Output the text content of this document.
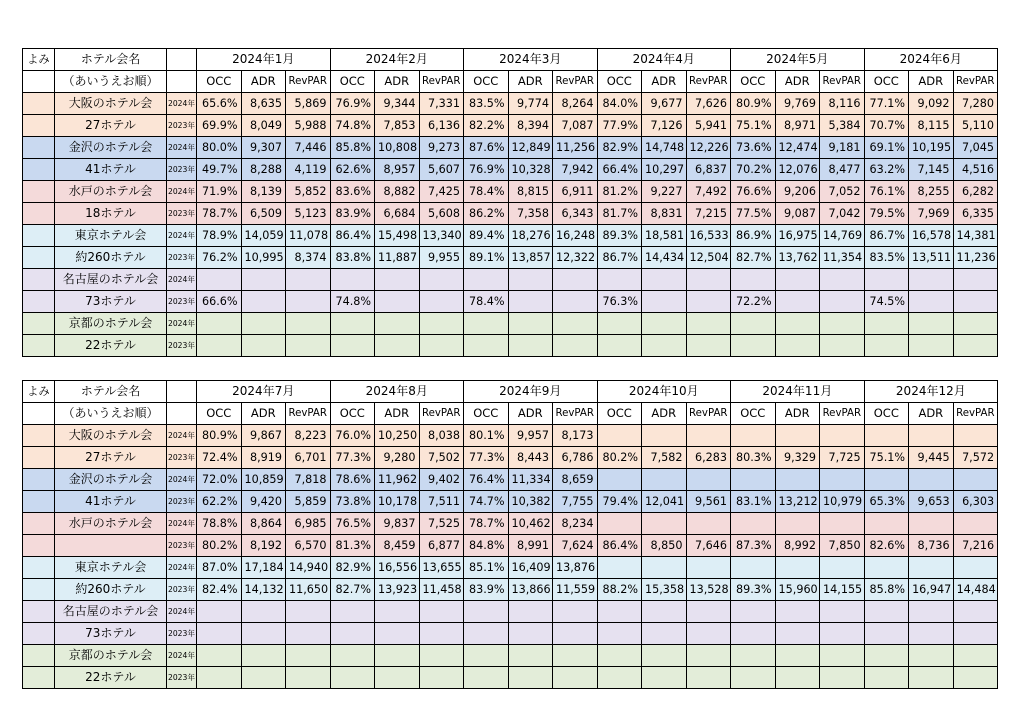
よみ	ホテル会名		2024年1月			2024年2月			2024年3月			2024年4月			2024年5月			2024年6月		
	（あいうえお順）		OCC	ADR	RevPAR	OCC	ADR	RevPAR	OCC	ADR	RevPAR	OCC	ADR	RevPAR	OCC	ADR	RevPAR	OCC	ADR	RevPAR
	大阪のホテル会	2024年	65.6%	8,635	5,869	76.9%	9,344	7,331	83.5%	9,774	8,264	84.0%	9,677	7,626	80.9%	9,769	8,116	77.1%	9,092	7,280
	27ホテル	2023年	69.9%	8,049	5,988	74.8%	7,853	6,136	82.2%	8,394	7,087	77.9%	7,126	5,941	75.1%	8,971	5,384	70.7%	8,115	5,110
	金沢のホテル会	2024年	80.0%	9,307	7,446	85.8%	10,808	9,273	87.6%	12,849	11,256	82.9%	14,748	12,226	73.6%	12,474	9,181	69.1%	10,195	7,045
	41ホテル	2023年	49.7%	8,288	4,119	62.6%	8,957	5,607	76.9%	10,328	7,942	66.4%	10,297	6,837	70.2%	12,076	8,477	63.2%	7,145	4,516
	水戸のホテル会	2024年	71.9%	8,139	5,852	83.6%	8,882	7,425	78.4%	8,815	6,911	81.2%	9,227	7,492	76.6%	9,206	7,052	76.1%	8,255	6,282
	18ホテル	2023年	78.7%	6,509	5,123	83.9%	6,684	5,608	86.2%	7,358	6,343	81.7%	8,831	7,215	77.5%	9,087	7,042	79.5%	7,969	6,335
	東京ホテル会	2024年	78.9%	14,059	11,078	86.4%	15,498	13,340	89.4%	18,276	16,248	89.3%	18,581	16,533	86.9%	16,975	14,769	86.7%	16,578	14,381
	約260ホテル	2023年	76.2%	10,995	8,374	83.8%	11,887	9,955	89.1%	13,857	12,322	86.7%	14,434	12,504	82.7%	13,762	11,354	83.5%	13,511	11,236
	名古屋のホテル会	2024年																		
	73ホテル	2023年	66.6%			74.8%			78.4%			76.3%			72.2%			74.5%		
	京都のホテル会	2024年																		
	22ホテル	2023年																		
よみ	ホテル会名		2024年7月			2024年8月			2024年9月			2024年10月			2024年11月			2024年12月		
	（あいうえお順）		OCC	ADR	RevPAR	OCC	ADR	RevPAR	OCC	ADR	RevPAR	OCC	ADR	RevPAR	OCC	ADR	RevPAR	OCC	ADR	RevPAR
	大阪のホテル会	2024年	80.9%	9,867	8,223	76.0%	10,250	8,038	80.1%	9,957	8,173									
	27ホテル	2023年	72.4%	8,919	6,701	77.3%	9,280	7,502	77.3%	8,443	6,786	80.2%	7,582	6,283	80.3%	9,329	7,725	75.1%	9,445	7,572
	金沢のホテル会	2024年	72.0%	10,859	7,818	78.6%	11,962	9,402	76.4%	11,334	8,659									
	41ホテル	2023年	62.2%	9,420	5,859	73.8%	10,178	7,511	74.7%	10,382	7,755	79.4%	12,041	9,561	83.1%	13,212	10,979	65.3%	9,653	6,303
	水戸のホテル会	2024年	78.8%	8,864	6,985	76.5%	9,837	7,525	78.7%	10,462	8,234									
		2023年	80.2%	8,192	6,570	81.3%	8,459	6,877	84.8%	8,991	7,624	86.4%	8,850	7,646	87.3%	8,992	7,850	82.6%	8,736	7,216
	東京ホテル会	2024年	87.0%	17,184	14,940	82.9%	16,556	13,655	85.1%	16,409	13,876									
	約260ホテル	2023年	82.4%	14,132	11,650	82.7%	13,923	11,458	83.9%	13,866	11,559	88.2%	15,358	13,528	89.3%	15,960	14,155	85.8%	16,947	14,484
	名古屋のホテル会	2024年																		
	73ホテル	2023年																		
	京都のホテル会	2024年																		
	22ホテル	2023年																		
